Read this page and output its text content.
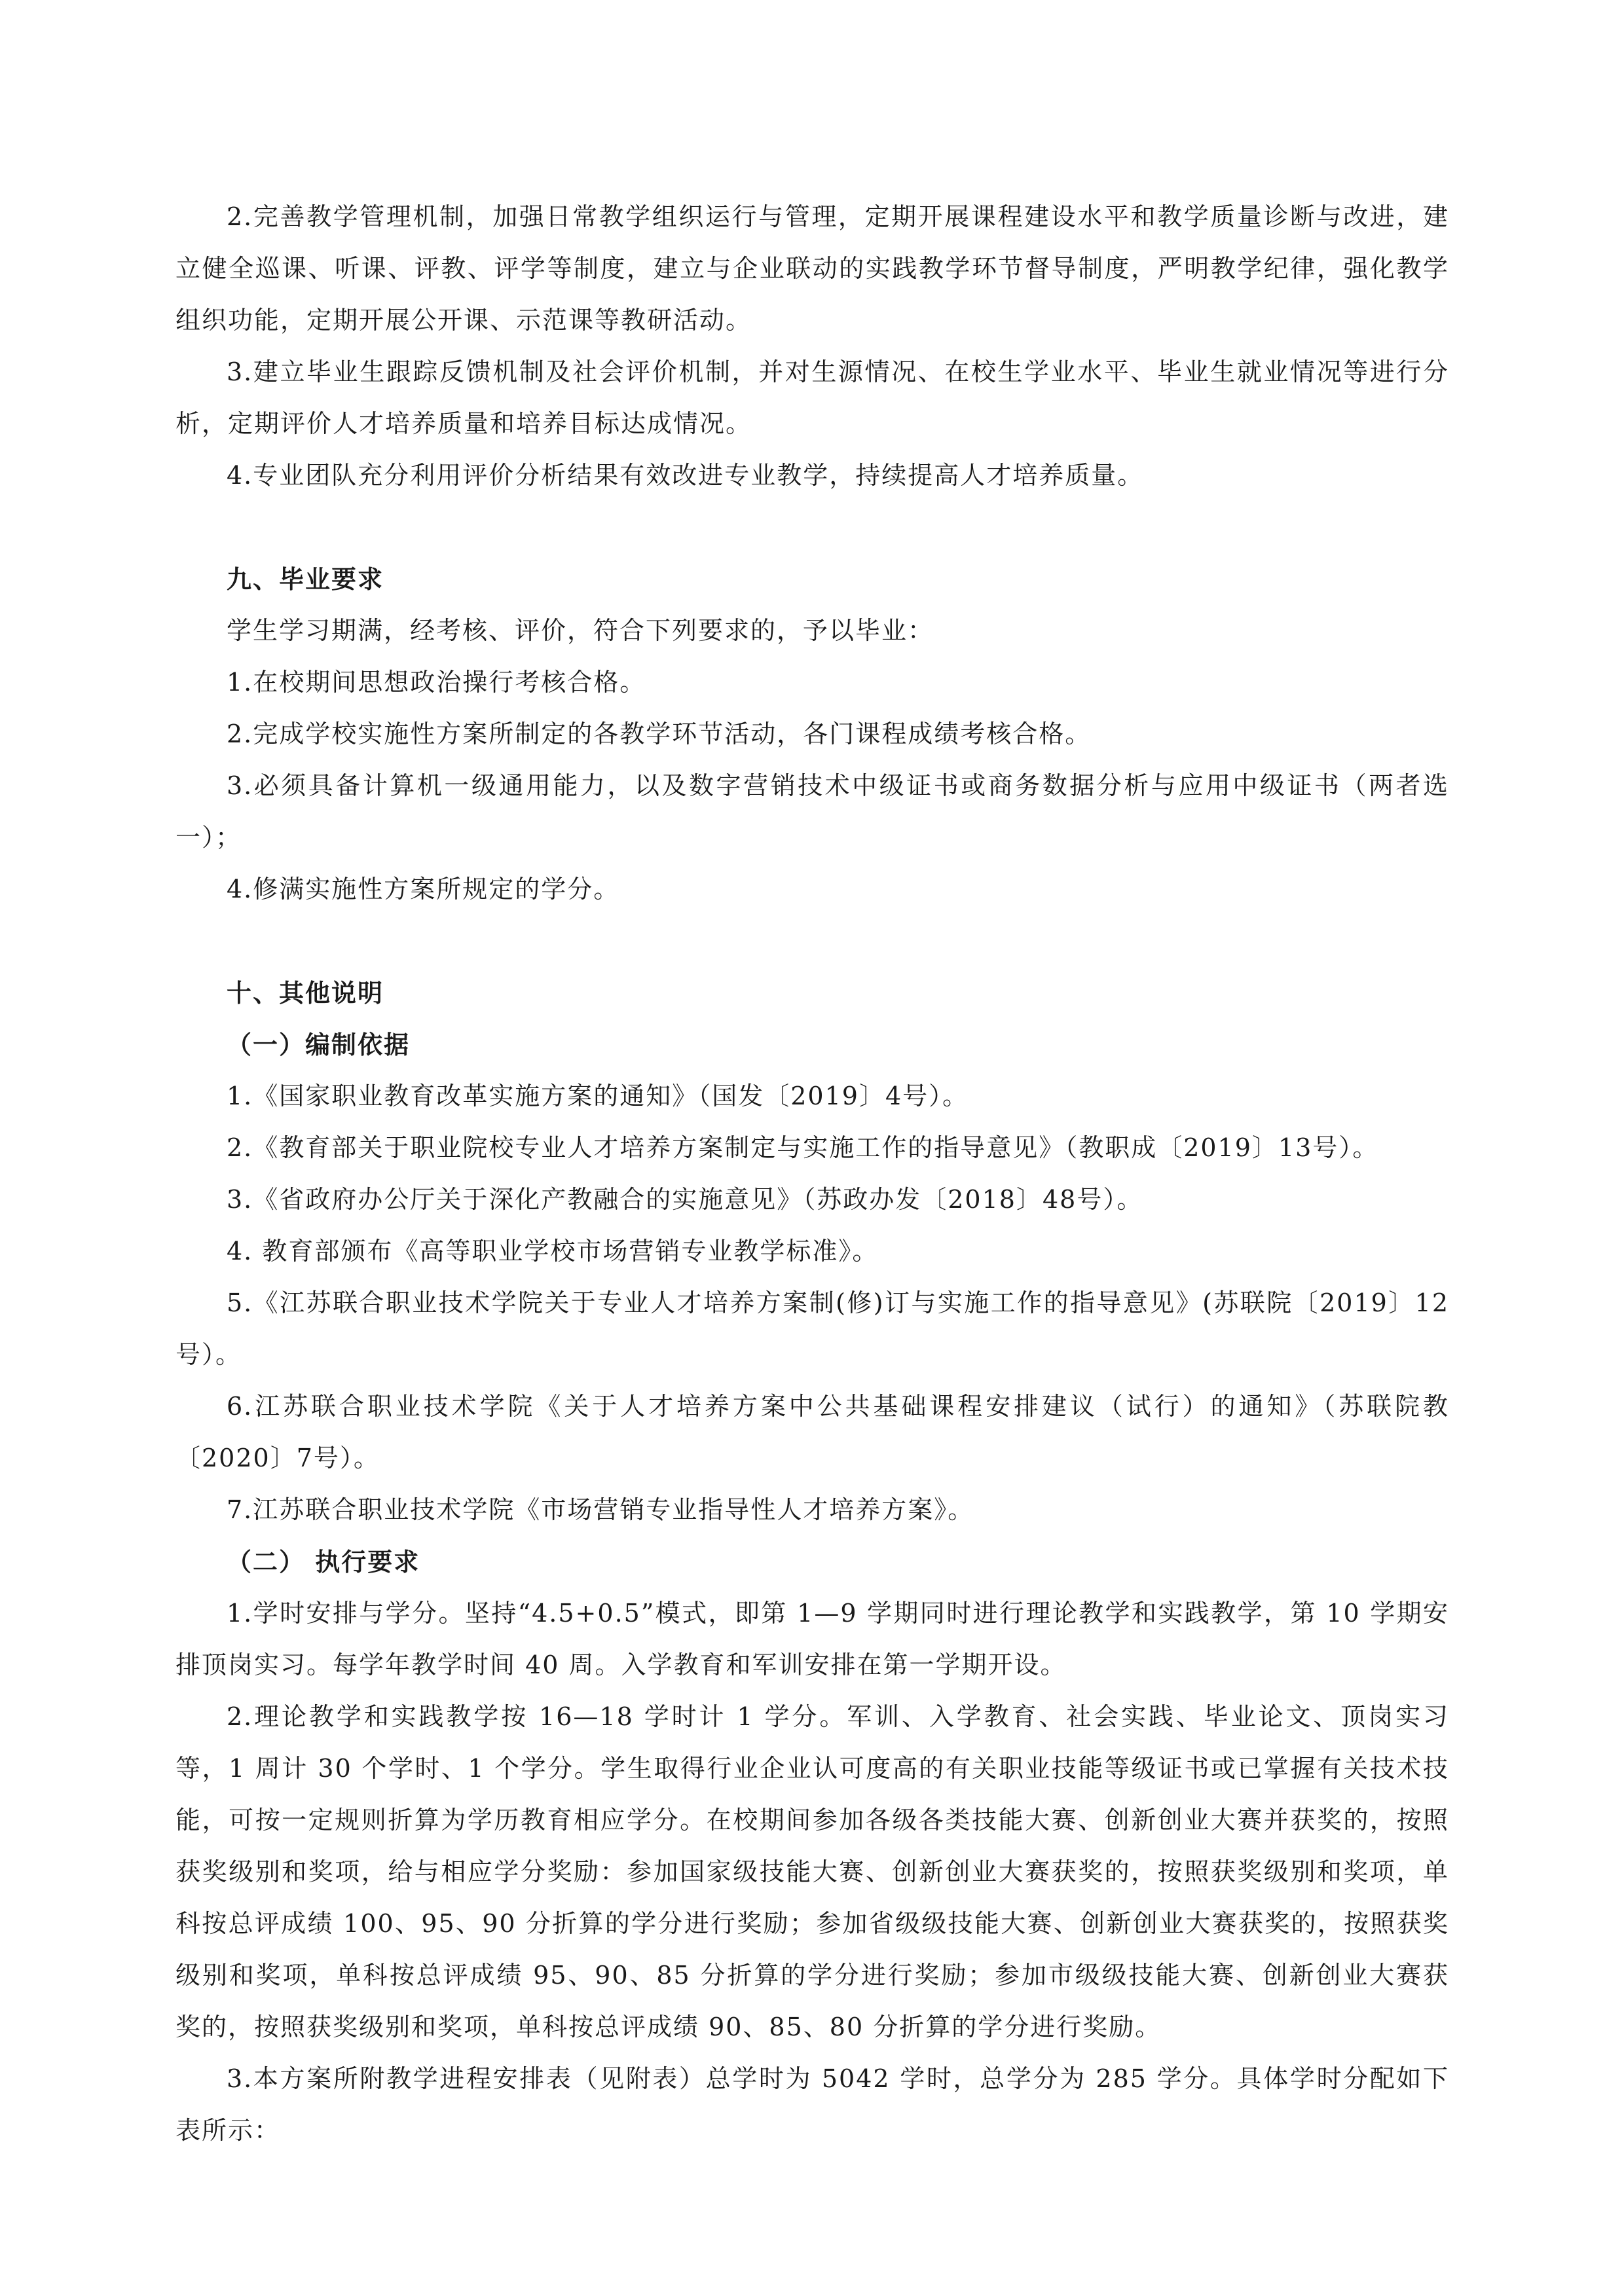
2.完善教学管理机制，加强日常教学组织运行与管理，定期开展课程建设水平和教学质量诊断与改进，建立健全巡课、听课、评教、评学等制度，建立与企业联动的实践教学环节督导制度，严明教学纪律，强化教学组织功能，定期开展公开课、示范课等教研活动。

3.建立毕业生跟踪反馈机制及社会评价机制，并对生源情况、在校生学业水平、毕业生就业情况等进行分析，定期评价人才培养质量和培养目标达成情况。

4.专业团队充分利用评价分析结果有效改进专业教学，持续提高人才培养质量。

九、毕业要求

学生学习期满，经考核、评价，符合下列要求的，予以毕业：

1.在校期间思想政治操行考核合格。

2.完成学校实施性方案所制定的各教学环节活动，各门课程成绩考核合格。

3.必须具备计算机一级通用能力，以及数字营销技术中级证书或商务数据分析与应用中级证书（两者选一）；

4.修满实施性方案所规定的学分。

十、其他说明

（一）编制依据

1.《国家职业教育改革实施方案的通知》（国发〔2019〕4号）。

2.《教育部关于职业院校专业人才培养方案制定与实施工作的指导意见》（教职成〔2019〕13号）。

3.《省政府办公厅关于深化产教融合的实施意见》（苏政办发〔2018〕48号）。

4. 教育部颁布《高等职业学校市场营销专业教学标准》。

5.《江苏联合职业技术学院关于专业人才培养方案制(修)订与实施工作的指导意见》(苏联院〔2019〕12号）。

6.江苏联合职业技术学院《关于人才培养方案中公共基础课程安排建议（试行）的通知》（苏联院教〔2020〕7号）。

7.江苏联合职业技术学院《市场营销专业指导性人才培养方案》。

（二） 执行要求

1.学时安排与学分。坚持“4.5+0.5”模式，即第 1—9 学期同时进行理论教学和实践教学，第 10 学期安排顶岗实习。每学年教学时间 40 周。入学教育和军训安排在第一学期开设。

2.理论教学和实践教学按 16—18 学时计 1 学分。军训、入学教育、社会实践、毕业论文、顶岗实习等，1 周计 30 个学时、1 个学分。学生取得行业企业认可度高的有关职业技能等级证书或已掌握有关技术技能，可按一定规则折算为学历教育相应学分。在校期间参加各级各类技能大赛、创新创业大赛并获奖的，按照获奖级别和奖项，给与相应学分奖励：参加国家级技能大赛、创新创业大赛获奖的，按照获奖级别和奖项，单科按总评成绩 100、95、90 分折算的学分进行奖励；参加省级级技能大赛、创新创业大赛获奖的，按照获奖级别和奖项，单科按总评成绩 95、90、85 分折算的学分进行奖励；参加市级级技能大赛、创新创业大赛获奖的，按照获奖级别和奖项，单科按总评成绩 90、85、80 分折算的学分进行奖励。

3.本方案所附教学进程安排表（见附表）总学时为 5042 学时，总学分为 285 学分。具体学时分配如下表所示：
